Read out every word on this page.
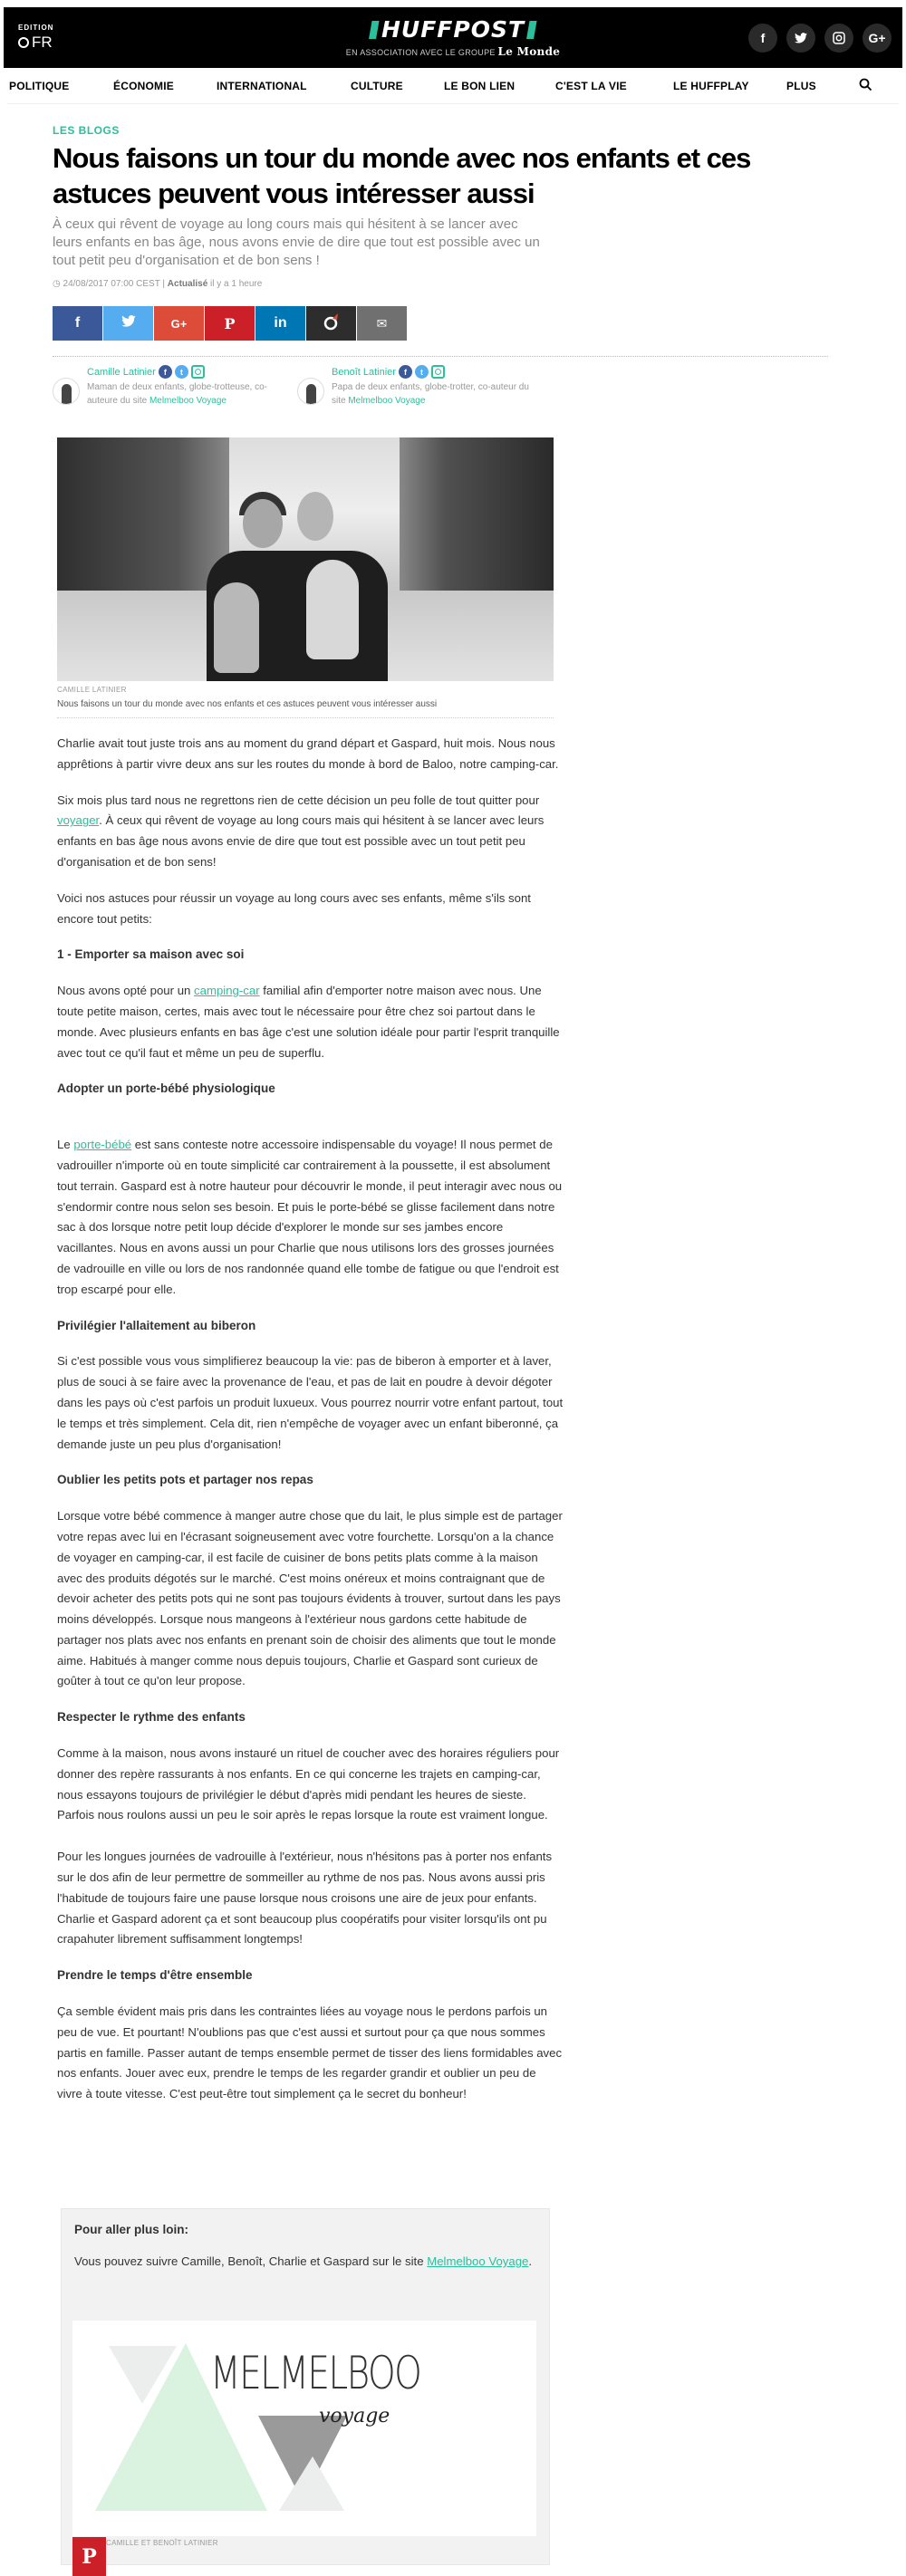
EDITION
FR	HUFFPOST
EN ASSOCIATION AVEC LE GROUPE Le Monde
f	G+
POLITIQUE	ÉCONOMIE	INTERNATIONAL	CULTURE	LE BON LIEN	C'EST LA VIE	LE HUFFPLAY	PLUS
LES BLOGS
Nous faisons un tour du monde avec nos enfants et ces astuces peuvent vous intéresser aussi

À ceux qui rêvent de voyage au long cours mais qui hésitent à se lancer avec leurs enfants en bas âge, nous avons envie de dire que tout est possible avec un tout petit peu d'organisation et de bon sens !

◷ 24/08/2017 07:00 CEST | Actualisé il y a 1 heure
f	G+	P	in	✉
Camille Latinier	f	t
Maman de deux enfants, globe-trotteuse, co-auteure du site Melmelboo Voyage
Benoît Latinier	f	t
Papa de deux enfants, globe-trotter, co-auteur du site Melmelboo Voyage
CAMILLE LATINIER
Nous faisons un tour du monde avec nos enfants et ces astuces peuvent vous intéresser aussi

Charlie avait tout juste trois ans au moment du grand départ et Gaspard, huit mois. Nous nous apprêtions à partir vivre deux ans sur les routes du monde à bord de Baloo, notre camping-car.

Six mois plus tard nous ne regrettons rien de cette décision un peu folle de tout quitter pour voyager. À ceux qui rêvent de voyage au long cours mais qui hésitent à se lancer avec leurs enfants en bas âge nous avons envie de dire que tout est possible avec un tout petit peu d'organisation et de bon sens!

Voici nos astuces pour réussir un voyage au long cours avec ses enfants, même s'ils sont encore tout petits:

1 - Emporter sa maison avec soi

Nous avons opté pour un camping-car familial afin d'emporter notre maison avec nous. Une toute petite maison, certes, mais avec tout le nécessaire pour être chez soi partout dans le monde. Avec plusieurs enfants en bas âge c'est une solution idéale pour partir l'esprit tranquille avec tout ce qu'il faut et même un peu de superflu.

Adopter un porte-bébé physiologique

Le porte-bébé est sans conteste notre accessoire indispensable du voyage! Il nous permet de vadrouiller n'importe où en toute simplicité car contrairement à la poussette, il est absolument tout terrain. Gaspard est à notre hauteur pour découvrir le monde, il peut interagir avec nous ou s'endormir contre nous selon ses besoin. Et puis le porte-bébé se glisse facilement dans notre sac à dos lorsque notre petit loup décide d'explorer le monde sur ses jambes encore vacillantes. Nous en avons aussi un pour Charlie que nous utilisons lors des grosses journées de vadrouille en ville ou lors de nos randonnée quand elle tombe de fatigue ou que l'endroit est trop escarpé pour elle.

Privilégier l'allaitement au biberon

Si c'est possible vous vous simplifierez beaucoup la vie: pas de biberon à emporter et à laver, plus de souci à se faire avec la provenance de l'eau, et pas de lait en poudre à devoir dégoter dans les pays où c'est parfois un produit luxueux. Vous pourrez nourrir votre enfant partout, tout le temps et très simplement. Cela dit, rien n'empêche de voyager avec un enfant biberonné, ça demande juste un peu plus d'organisation!

Oublier les petits pots et partager nos repas

Lorsque votre bébé commence à manger autre chose que du lait, le plus simple est de partager votre repas avec lui en l'écrasant soigneusement avec votre fourchette. Lorsqu'on a la chance de voyager en camping-car, il est facile de cuisiner de bons petits plats comme à la maison avec des produits dégotés sur le marché. C'est moins onéreux et moins contraignant que de devoir acheter des petits pots qui ne sont pas toujours évidents à trouver, surtout dans les pays moins développés. Lorsque nous mangeons à l'extérieur nous gardons cette habitude de partager nos plats avec nos enfants en prenant soin de choisir des aliments que tout le monde aime. Habitués à manger comme nous depuis toujours, Charlie et Gaspard sont curieux de goûter à tout ce qu'on leur propose.

Respecter le rythme des enfants

Comme à la maison, nous avons instauré un rituel de coucher avec des horaires réguliers pour donner des repère rassurants à nos enfants. En ce qui concerne les trajets en camping-car, nous essayons toujours de privilégier le début d'après midi pendant les heures de sieste. Parfois nous roulons aussi un peu le soir après le repas lorsque la route est vraiment longue.

Pour les longues journées de vadrouille à l'extérieur, nous n'hésitons pas à porter nos enfants sur le dos afin de leur permettre de sommeiller au rythme de nos pas. Nous avons aussi pris l'habitude de toujours faire une pause lorsque nous croisons une aire de jeux pour enfants. Charlie et Gaspard adorent ça et sont beaucoup plus coopératifs pour visiter lorsqu'ils ont pu crapahuter librement suffisamment longtemps!

Prendre le temps d'être ensemble

Ça semble évident mais pris dans les contraintes liées au voyage nous le perdons parfois un peu de vue. Et pourtant! N'oublions pas que c'est aussi et surtout pour ça que nous sommes partis en famille. Passer autant de temps ensemble permet de tisser des liens formidables avec nos enfants. Jouer avec eux, prendre le temps de les regarder grandir et oublier un peu de vivre à toute vitesse. C'est peut-être tout simplement ça le secret du bonheur!

Pour aller plus loin:

Vous pouvez suivre Camille, Benoît, Charlie et Gaspard sur le site Melmelboo Voyage.

MELMELBOO
voyage
P
CAMILLE ET BENOÎT LATINIER
